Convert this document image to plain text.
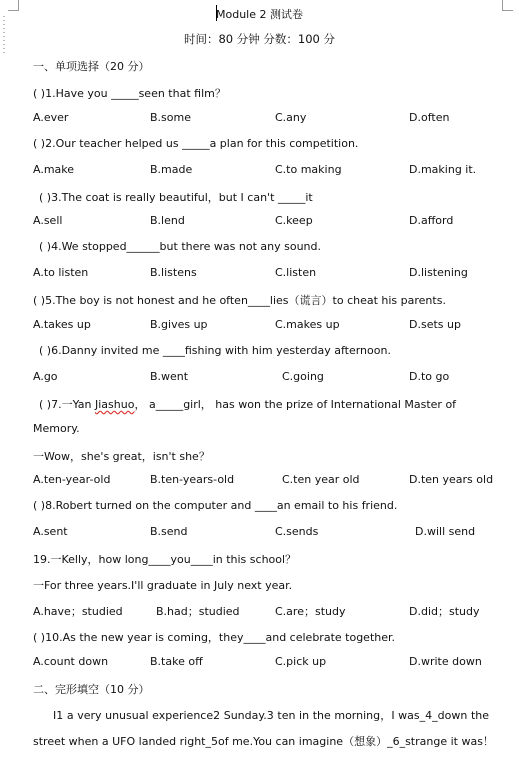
Module 2 测试卷
时间：80 分钟 分数：100 分
一、单项选择（20 分）
( )1.Have you _____seen that film？
A.ever	B.some	C.any	D.often
( )2.Our teacher helped us _____a plan for this competition.
A.make	B.made	C.to making	D.making it.
( )3.The coat is really beautiful，but I can't _____it
A.sell	B.lend	C.keep	D.afford
( )4.We stopped______but there was not any sound.
A.to listen	B.listens	C.listen	D.listening
( )5.The boy is not honest and he often____lies（谎言）to cheat his parents.
A.takes up	B.gives up	C.makes up	D.sets up
( )6.Danny invited me ____fishing with him yesterday afternoon.
A.go	B.went	C.going	D.to go
( )7.一Yan Jiashuo， a_____girl， has won the prize of International Master of
Memory.
一Wow，she's great，isn't she？
A.ten-year-old	B.ten-years-old	C.ten year old	D.ten years old
( )8.Robert turned on the computer and ____an email to his friend.
A.sent	B.send	C.sends	D.will send
19.一Kelly，how long____you____in this school？
一For three years.I'll graduate in July next year.
A.have；studied	B.had；studied	C.are；study	D.did；study
( )10.As the new year is coming，they____and celebrate together.
A.count down	B.take off	C.pick up	D.write down
二、完形填空（10 分）
I1 a very unusual experience2 Sunday.3 ten in the morning，I was_4_down the
street when a UFO landed right_5of me.You can imagine（想象）_6_strange it was！
